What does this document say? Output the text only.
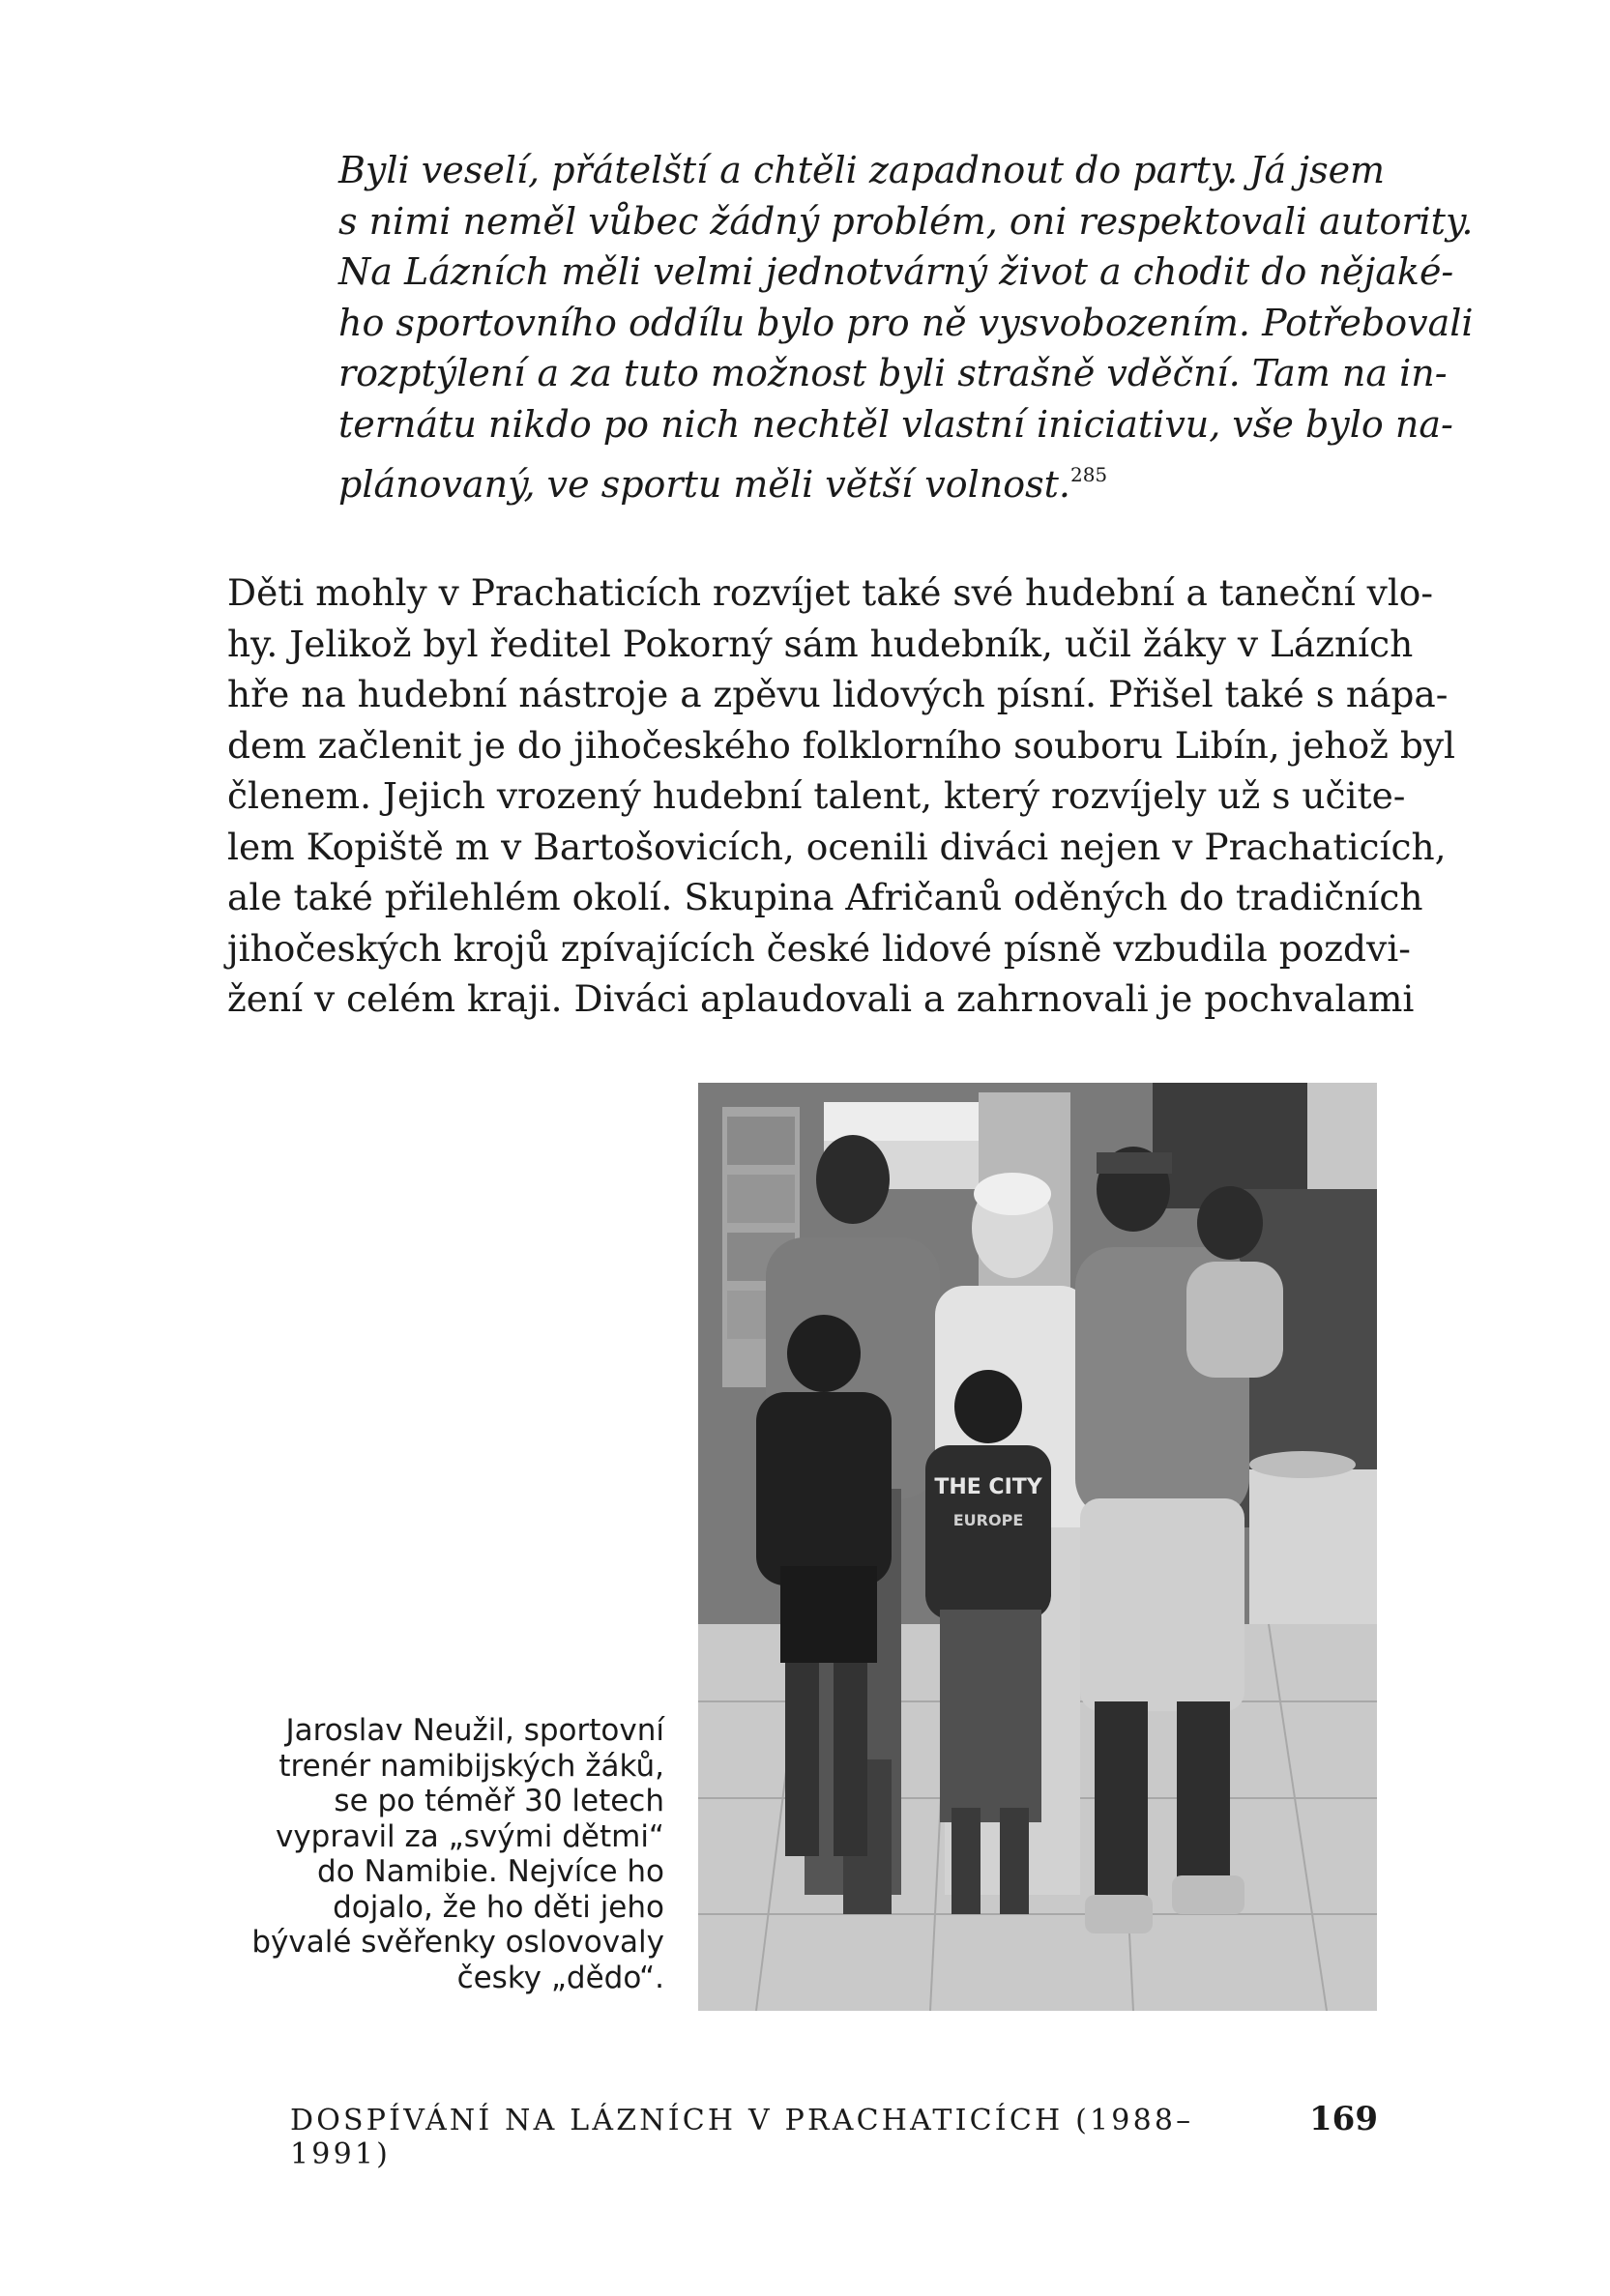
Byli veselí, přátelští a chtěli zapadnout do party. Já jsem
s nimi neměl vůbec žádný problém, oni respektovali autority.
Na Lázních měli velmi jednotvárný život a chodit do nějaké-
ho sportovního oddílu bylo pro ně vysvobozením. Potřebovali
rozptýlení a za tuto možnost byli strašně vděční. Tam na in-
ternátu nikdo po nich nechtěl vlastní iniciativu, vše bylo na-
plánovaný, ve sportu měli větší volnost.$^{285}$
Děti mohly v Prachaticích rozvíjet také své hudební a taneční vlo-
hy. Jelikož byl ředitel Pokorný sám hudebník, učil žáky v Lázních
hře na hudební nástroje a zpěvu lidových písní. Přišel také s nápa-
dem začlenit je do jihočeského folklorního souboru Libín, jehož byl
členem. Jejich vrozený hudební talent, který rozvíjely už s učite-
lem Kopiště m v Bartošovicích, ocenili diváci nejen v Prachaticích,
ale také přilehlém okolí. Skupina Afričanů oděných do tradičních
jihočeských krojů zpívajících české lidové písně vzbudila pozdvi-
žení v celém kraji. Diváci aplaudovali a zahrnovali je pochvalami
THE CITY
EUROPE
Jaroslav Neužil, sportovní
trenér namibijských žáků,
se po téměř 30 letech
vypravil za „svými dětmi“
do Namibie. Nejvíce ho
dojalo, že ho děti jeho
bývalé svěřenky oslovovaly
česky „dědo“.
DOSPÍVÁNÍ NA LÁZNÍCH V PRACHATICÍCH (1988–1991)
169
